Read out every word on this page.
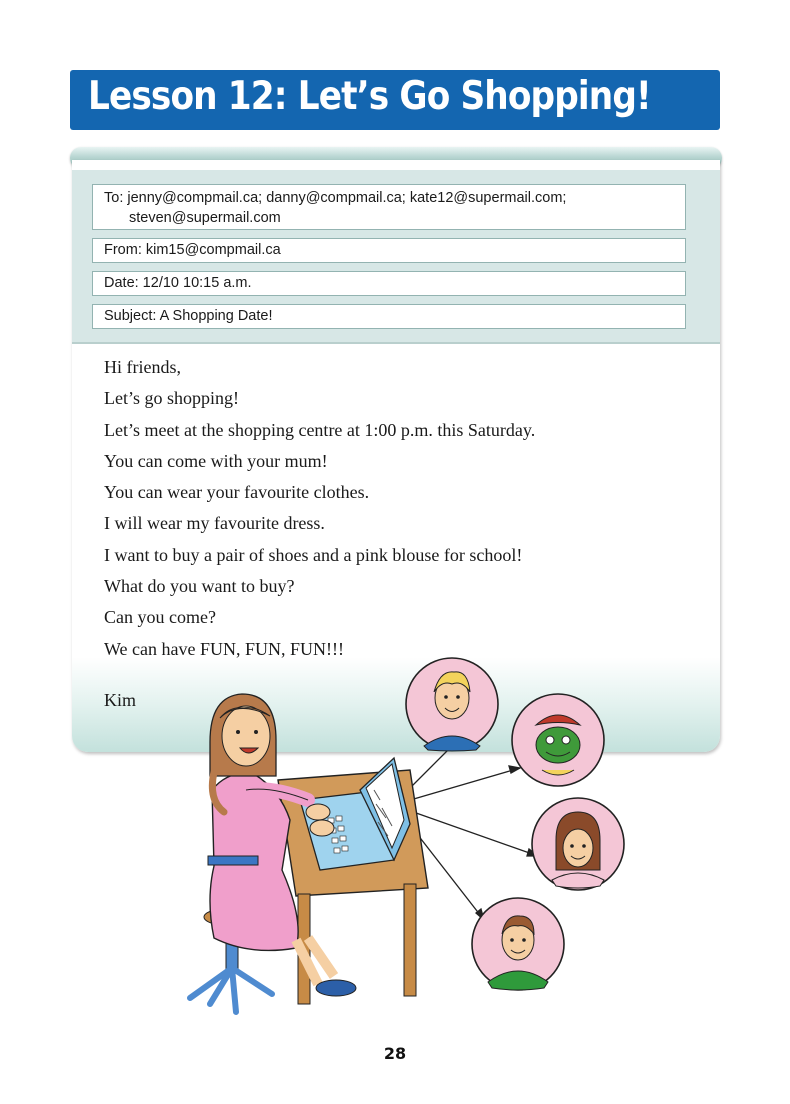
Lesson 12: Let’s Go Shopping!
To: jenny@compmail.ca; danny@compmail.ca; kate12@supermail.com;
steven@supermail.com
From: kim15@compmail.ca
Date: 12/10 10:15 a.m.
Subject: A Shopping Date!
Hi friends,
Let’s go shopping!
Let’s meet at the shopping centre at 1:00 p.m. this Saturday.
You can come with your mum!
You can wear your favourite clothes.
I will wear my favourite dress.
I want to buy a pair of shoes and a pink blouse for school!
What do you want to buy?
Can you come?
We can have FUN, FUN, FUN!!!
Kim
28
